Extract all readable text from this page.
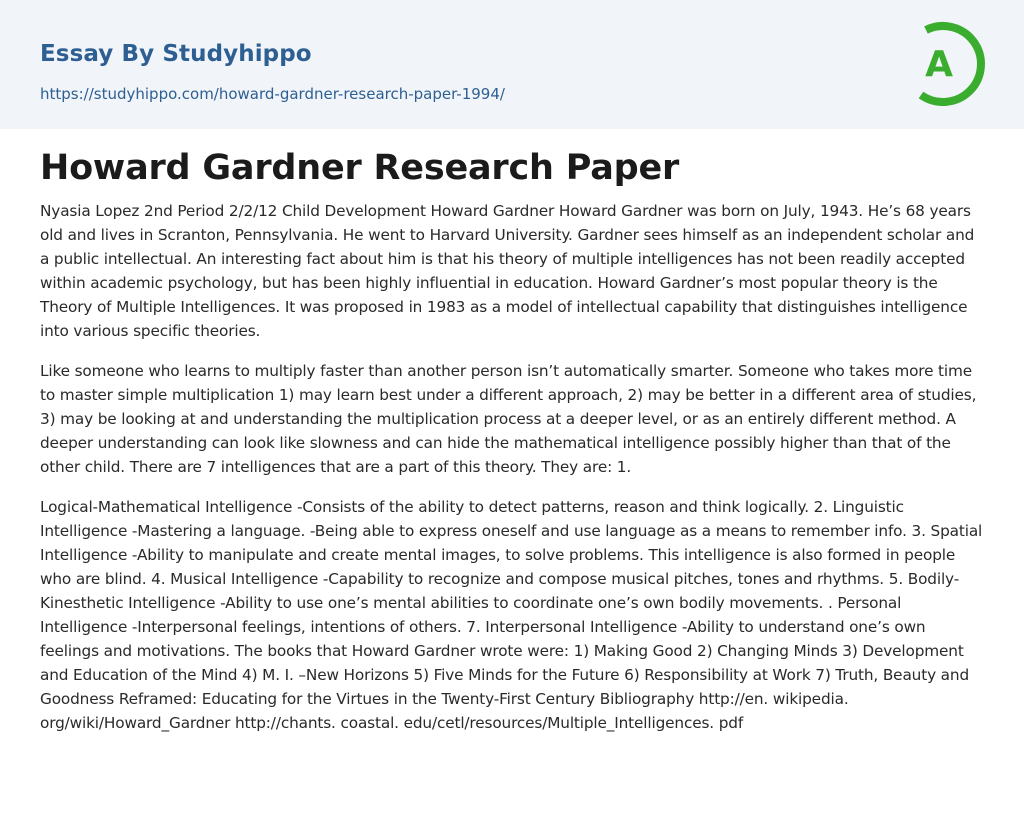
Essay By Studyhippo
https://studyhippo.com/howard-gardner-research-paper-1994/
A
Howard Gardner Research Paper

Nyasia Lopez 2nd Period 2/2/12 Child Development Howard Gardner Howard Gardner was born on July, 1943. He’s 68 years old and lives in Scranton, Pennsylvania. He went to Harvard University. Gardner sees himself as an independent scholar and a public intellectual. An interesting fact about him is that his theory of multiple intelligences has not been readily accepted within academic psychology, but has been highly influential in education. Howard Gardner’s most popular theory is the Theory of Multiple Intelligences. It was proposed in 1983 as a model of intellectual capability that distinguishes intelligence into various specific theories.

Like someone who learns to multiply faster than another person isn’t automatically smarter. Someone who takes more time to master simple multiplication 1) may learn best under a different approach, 2) may be better in a different area of studies, 3) may be looking at and understanding the multiplication process at a deeper level, or as an entirely different method. A deeper understanding can look like slowness and can hide the mathematical intelligence possibly higher than that of the other child. There are 7 intelligences that are a part of this theory. They are: 1.

Logical-Mathematical Intelligence -Consists of the ability to detect patterns, reason and think logically. 2. Linguistic Intelligence -Mastering a language. -Being able to express oneself and use language as a means to remember info. 3. Spatial Intelligence -Ability to manipulate and create mental images, to solve problems. This intelligence is also formed in people who are blind. 4. Musical Intelligence -Capability to recognize and compose musical pitches, tones and rhythms. 5. Bodily-Kinesthetic Intelligence -Ability to use one’s mental abilities to coordinate one’s own bodily movements. . Personal Intelligence -Interpersonal feelings, intentions of others. 7. Interpersonal Intelligence -Ability to understand one’s own feelings and motivations. The books that Howard Gardner wrote were: 1) Making Good 2) Changing Minds 3) Development and Education of the Mind 4) M. I. –New Horizons 5) Five Minds for the Future 6) Responsibility at Work 7) Truth, Beauty and Goodness Reframed: Educating for the Virtues in the Twenty-First Century Bibliography http://en. wikipedia. org/wiki/Howard_Gardner http://chants. coastal. edu/cetl/resources/Multiple_Intelligences. pdf
